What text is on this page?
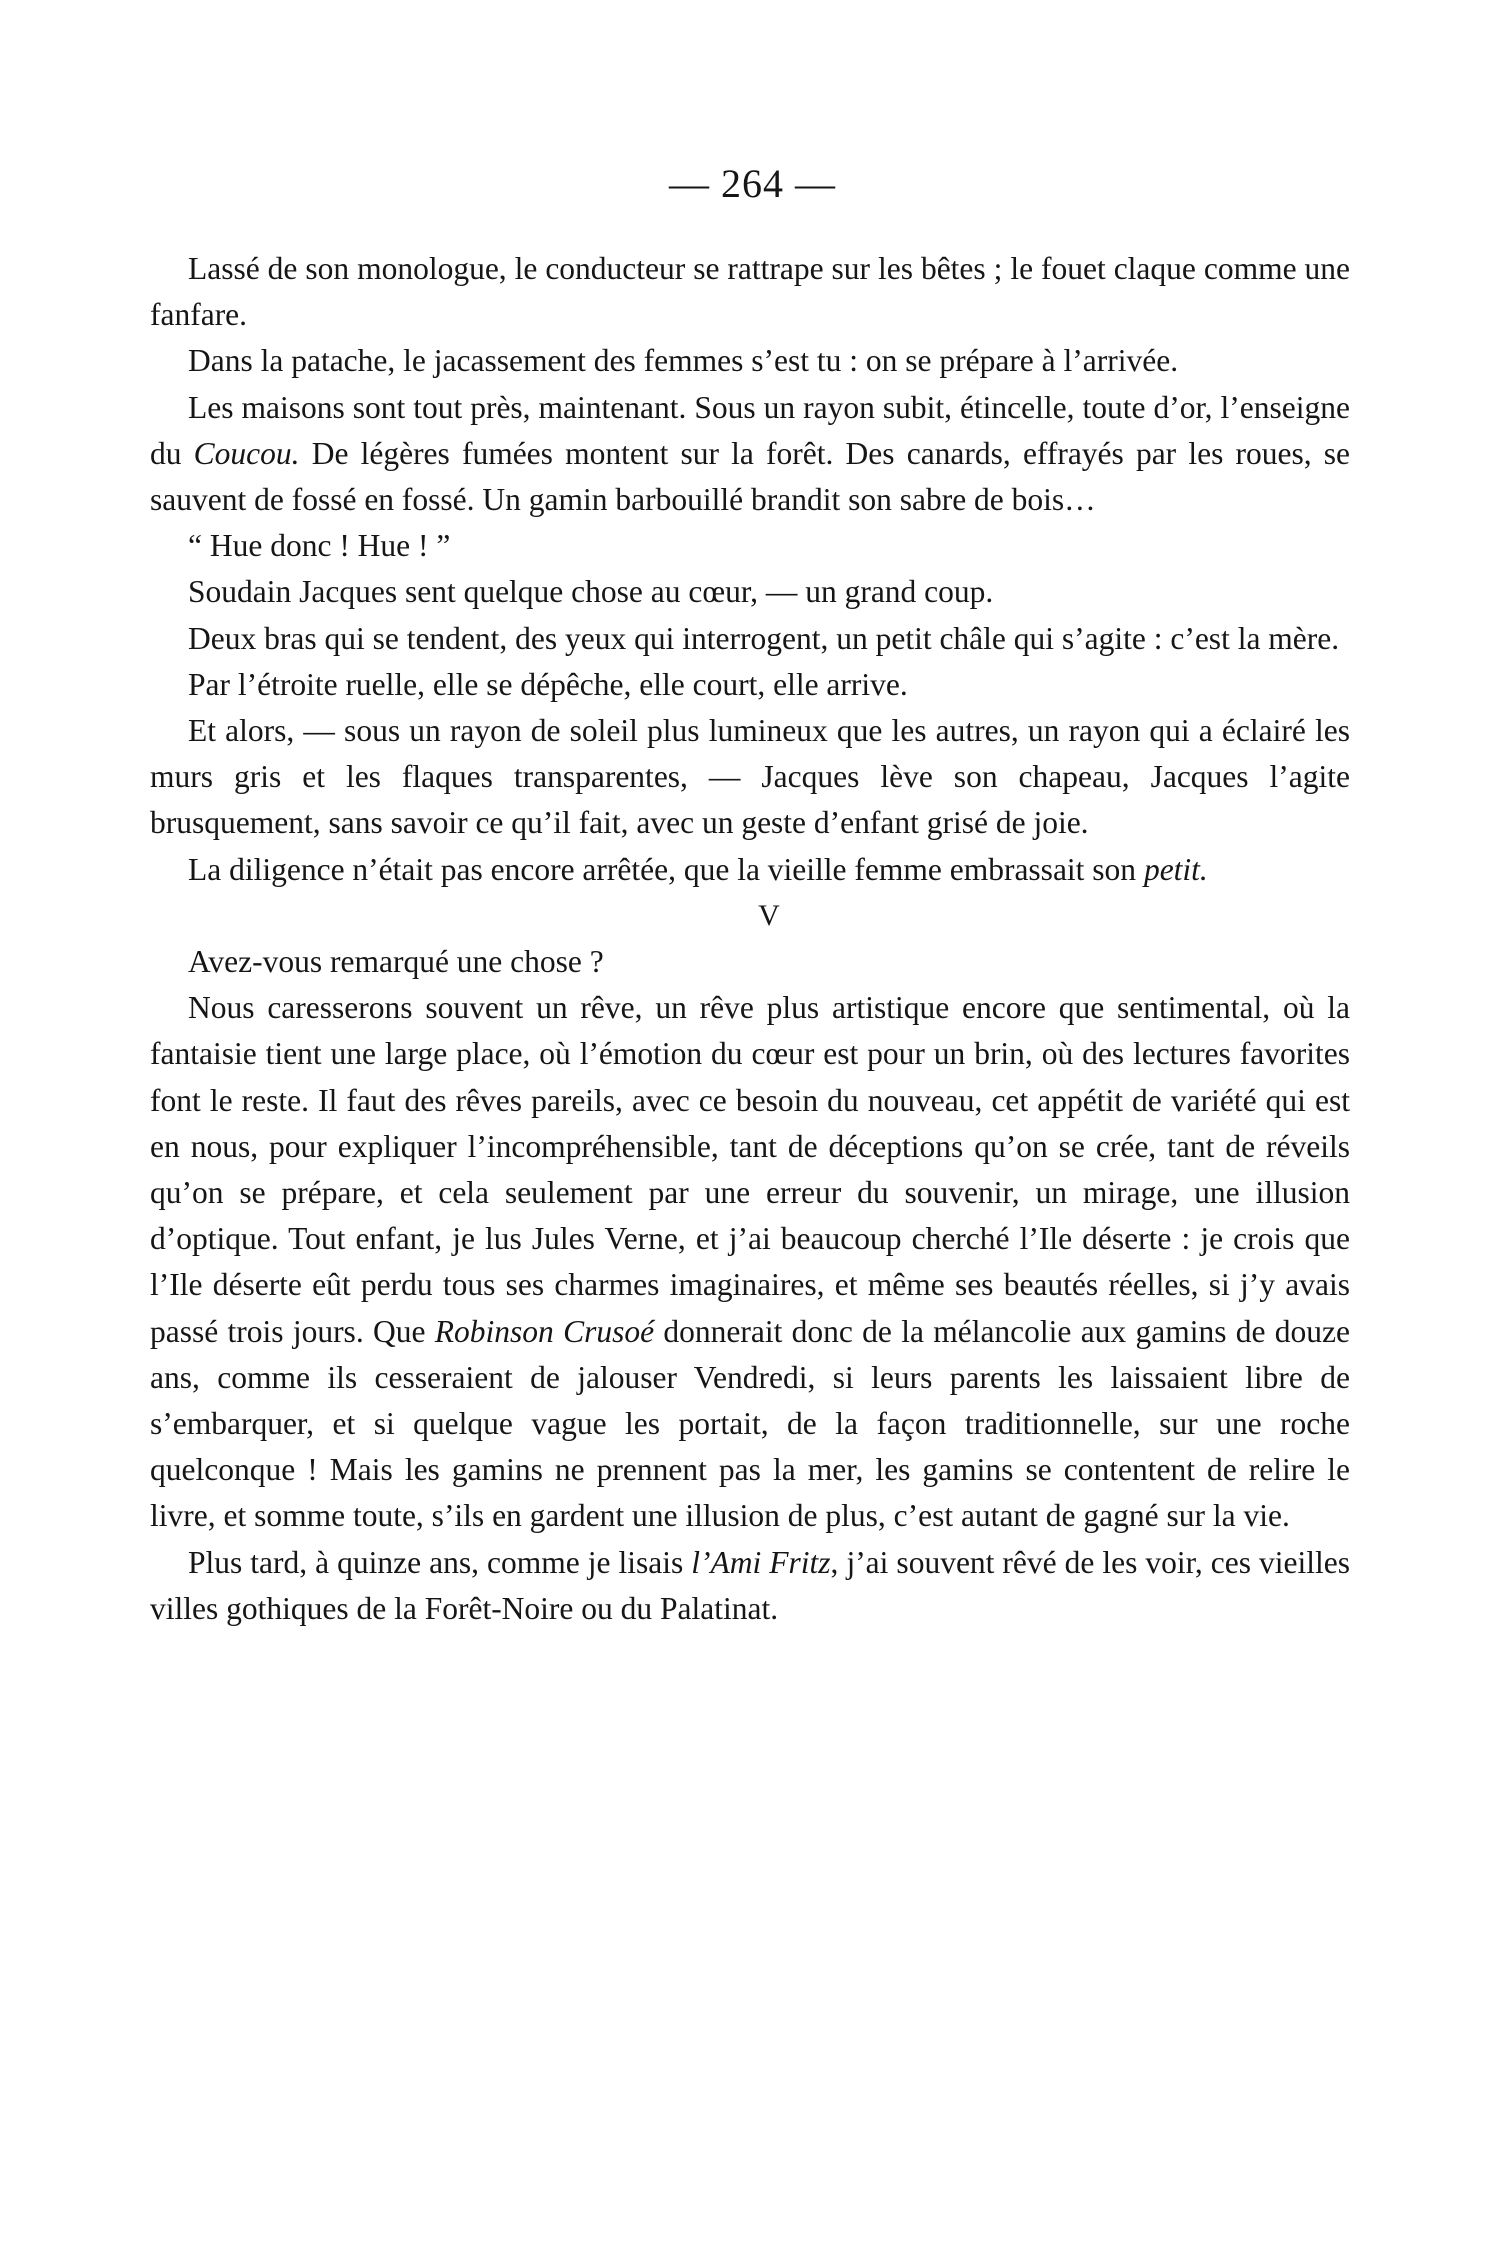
— 264 —

Lassé de son monologue, le conducteur se rattrape sur les bêtes ; le fouet claque comme une fanfare.

Dans la patache, le jacassement des femmes s’est tu : on se prépare à l’arrivée.

Les maisons sont tout près, maintenant. Sous un rayon subit, étincelle, toute d’or, l’enseigne du Coucou. De légères fumées montent sur la forêt. Des canards, effrayés par les roues, se sauvent de fossé en fossé. Un gamin barbouillé brandit son sabre de bois…

“ Hue donc ! Hue ! ”

Soudain Jacques sent quelque chose au cœur, — un grand coup.

Deux bras qui se tendent, des yeux qui interrogent, un petit châle qui s’agite : c’est la mère.

Par l’étroite ruelle, elle se dépêche, elle court, elle arrive.

Et alors, — sous un rayon de soleil plus lumineux que les autres, un rayon qui a éclairé les murs gris et les flaques transparentes, — Jacques lève son chapeau, Jacques l’agite brusquement, sans savoir ce qu’il fait, avec un geste d’enfant grisé de joie.

La diligence n’était pas encore arrêtée, que la vieille femme embrassait son petit.

V

Avez-vous remarqué une chose ?

Nous caresserons souvent un rêve, un rêve plus artistique encore que sentimental, où la fantaisie tient une large place, où l’émotion du cœur est pour un brin, où des lectures favorites font le reste. Il faut des rêves pareils, avec ce besoin du nouveau, cet appétit de variété qui est en nous, pour expliquer l’incompréhensible, tant de déceptions qu’on se crée, tant de réveils qu’on se prépare, et cela seulement par une erreur du souvenir, un mirage, une illusion d’optique. Tout enfant, je lus Jules Verne, et j’ai beaucoup cherché l’Ile déserte : je crois que l’Ile déserte eût perdu tous ses charmes imaginaires, et même ses beautés réelles, si j’y avais passé trois jours. Que Robinson Crusoé donnerait donc de la mélancolie aux gamins de douze ans, comme ils cesseraient de jalouser Vendredi, si leurs parents les laissaient libre de s’embarquer, et si quelque vague les portait, de la façon traditionnelle, sur une roche quelconque ! Mais les gamins ne prennent pas la mer, les gamins se contentent de relire le livre, et somme toute, s’ils en gardent une illusion de plus, c’est autant de gagné sur la vie.

Plus tard, à quinze ans, comme je lisais l’Ami Fritz, j’ai souvent rêvé de les voir, ces vieilles villes gothiques de la Forêt-Noire ou du Palatinat.
